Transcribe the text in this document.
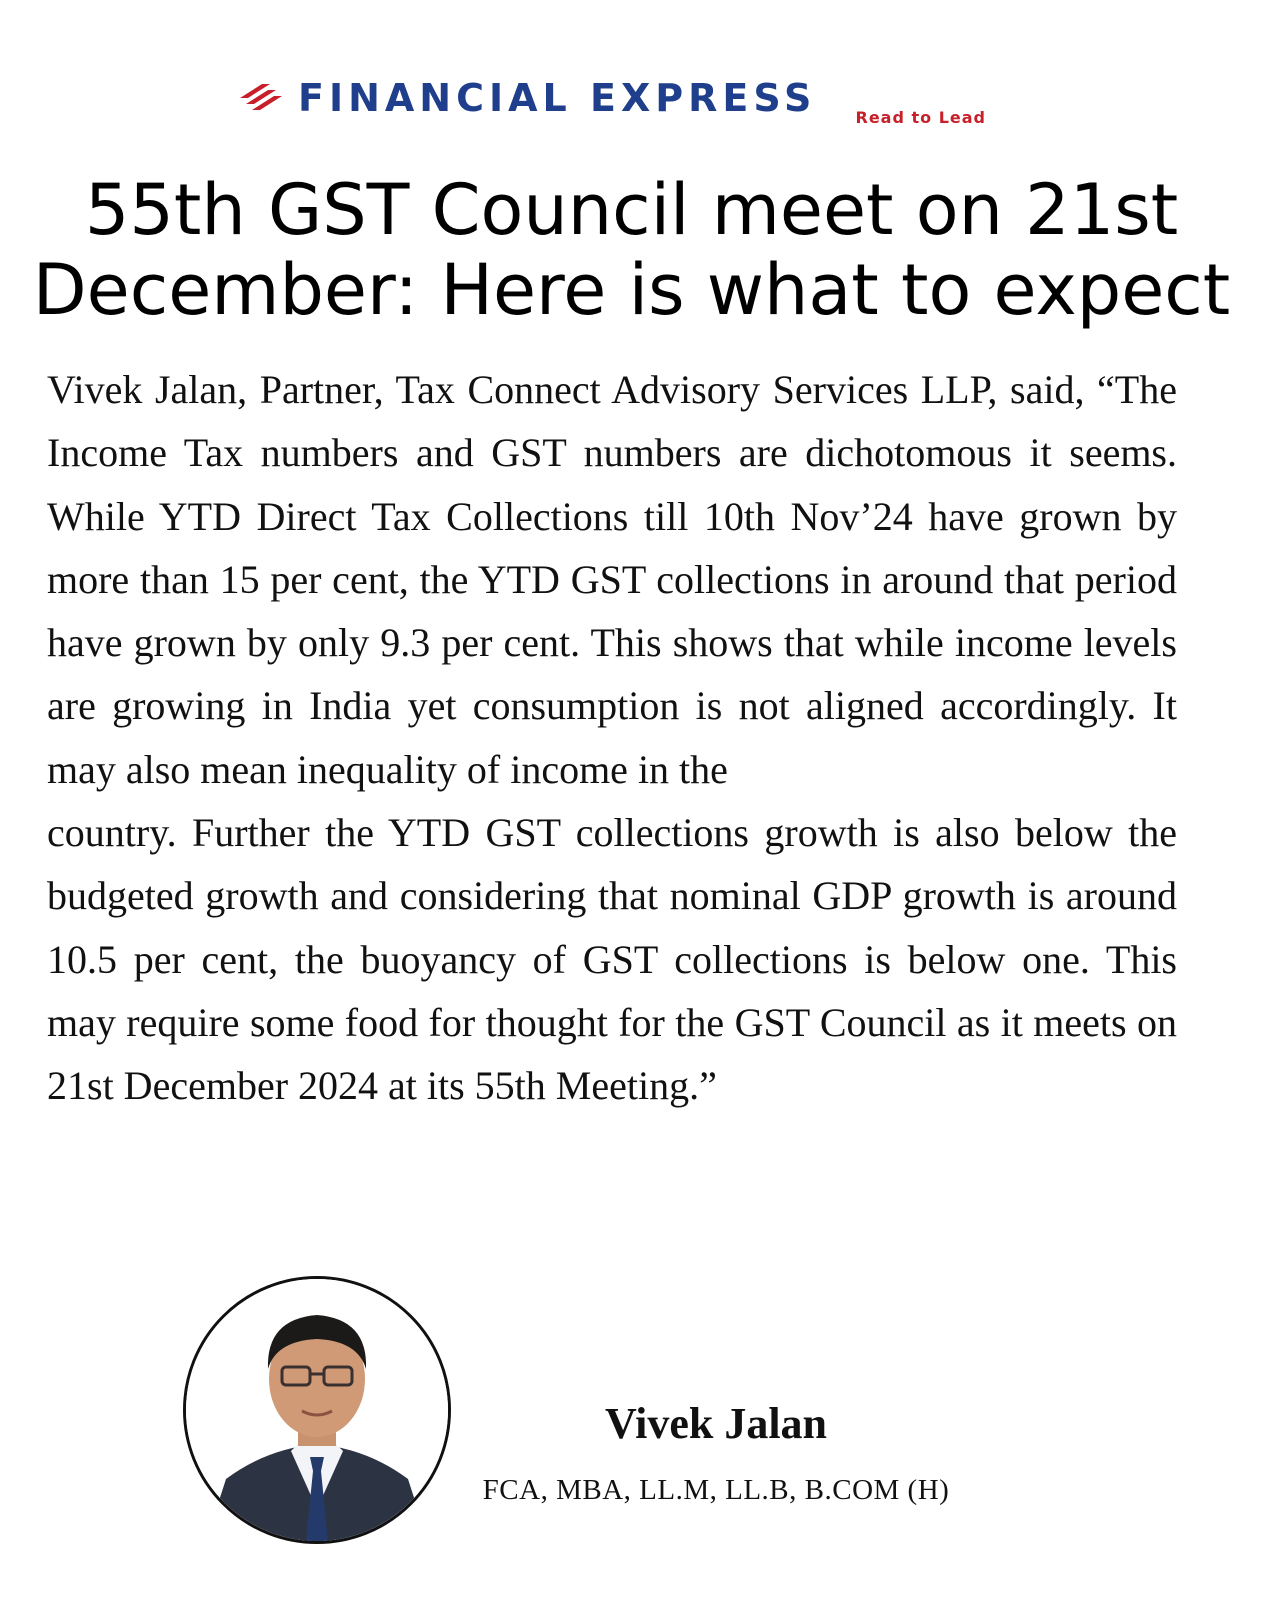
FINANCIAL EXPRESS Read to Lead
55th GST Council meet on 21st December: Here is what to expect
Vivek Jalan, Partner, Tax Connect Advisory Services LLP, said, “The Income Tax numbers and GST numbers are dichotomous it seems. While YTD Direct Tax Collections till 10th Nov’24 have grown by more than 15 per cent, the YTD GST collections in around that period have grown by only 9.3 per cent. This shows that while income levels are growing in India yet consumption is not aligned accordingly. It may also mean inequality of income in the
country. Further the YTD GST collections growth is also below the budgeted growth and considering that nominal GDP growth is around 10.5 per cent, the buoyancy of GST collections is below one. This may require some food for thought for the GST Council as it meets on 21st December 2024 at its 55th Meeting.”
Vivek Jalan
FCA, MBA, LL.M, LL.B, B.COM (H)
